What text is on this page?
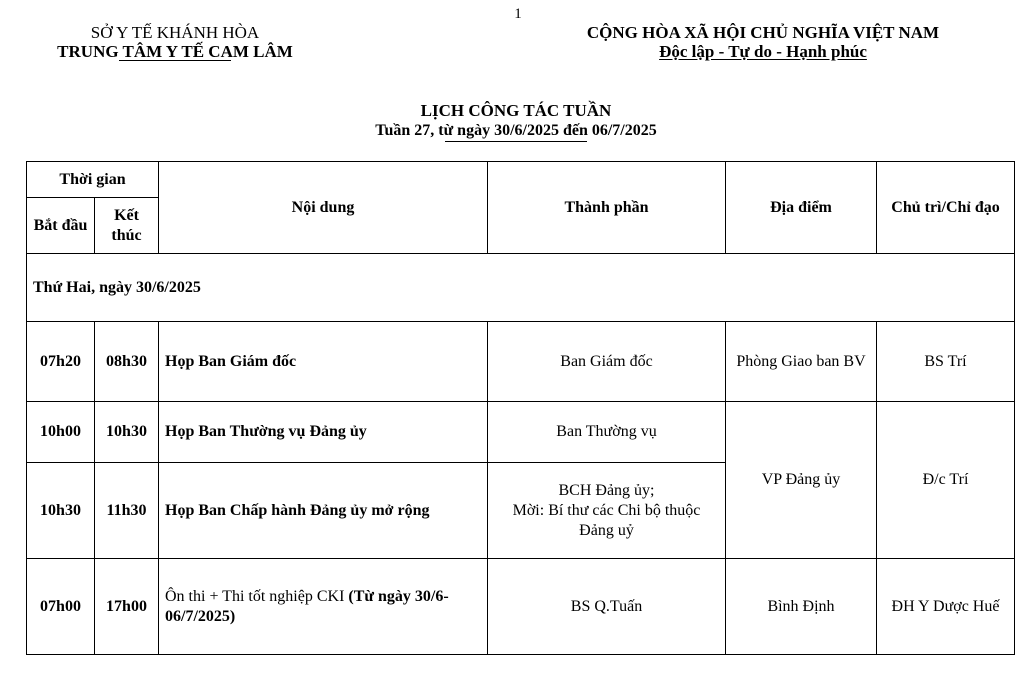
1
SỞ Y TẾ KHÁNH HÒA
TRUNG TÂM Y TẾ CAM LÂM
CỘNG HÒA XÃ HỘI CHỦ NGHĨA VIỆT NAM
Độc lập - Tự do - Hạnh phúc
LỊCH CÔNG TÁC TUẦN
Tuần 27, từ ngày 30/6/2025 đến 06/7/2025
Thời gian		Nội dung	Thành phần	Địa điểm	Chủ trì/Chỉ đạo
Bắt đầu	Kết thúc				
Thứ Hai, ngày 30/6/2025					
07h20	08h30	Họp Ban Giám đốc	Ban Giám đốc	Phòng Giao ban BV	BS Trí
10h00	10h30	Họp Ban Thường vụ Đảng ủy	Ban Thường vụ	VP Đảng ủy	Đ/c Trí
10h30	11h30	Họp Ban Chấp hành Đảng ủy mở rộng	BCH Đảng ủy;
Mời: Bí thư các Chi bộ thuộc Đảng uỷ		

07h00	17h00	Ôn thi + Thi tốt nghiệp CKI (Từ ngày 30/6-06/7/2025)	BS Q.Tuấn	Bình Định	ĐH Y Dược Huế
